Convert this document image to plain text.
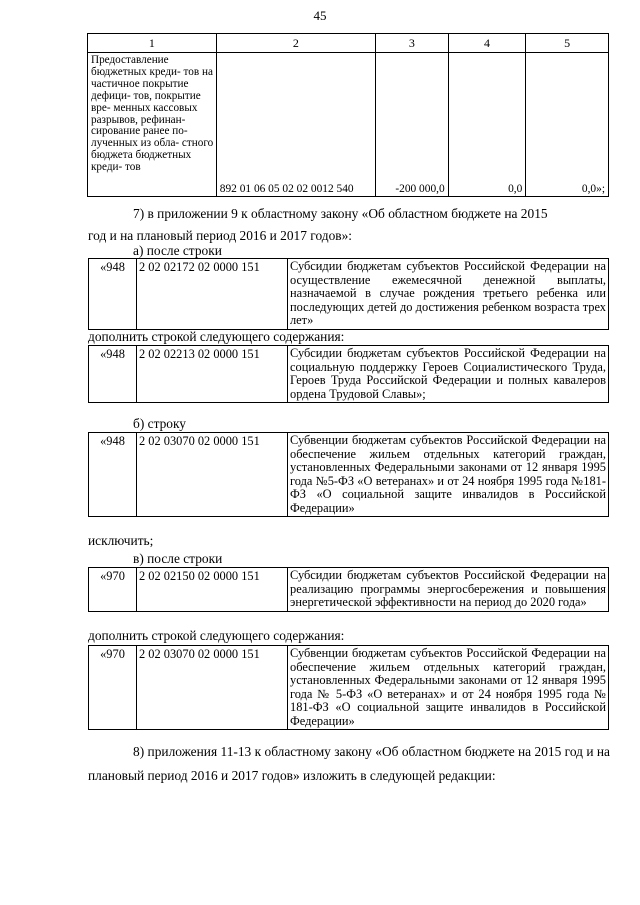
45
1	2	3	4	5

Предоставление бюджетных креди- тов на частичное покрытие дефици- тов, покрытие вре- менных кассовых разрывов, рефинан- сирование ранее по- лученных из обла- стного бюджета бюджетных креди- тов	892 01 06 05 02 02 0012 540	-200 000,0	0,0	0,0»;
7) в приложении 9 к областному закону «Об областном бюджете на 2015
год и на плановый период 2016 и 2017 годов»:
а) после строки
«948	2 02 02172 02 0000 151	Субсидии бюджетам субъектов Российской Федерации на осуществление ежемесячной денежной выплаты, назначаемой в случае рождения третьего ребенка или последующих детей до достижения ребенком возраста трех лет»
дополнить строкой следующего содержания:
«948	2 02 02213 02 0000 151	Субсидии бюджетам субъектов Российской Федерации на социальную поддержку Героев Социалистического Труда, Героев Труда Российской Федерации и полных кавалеров ордена Трудовой Славы»;
б) строку
«948	2 02 03070 02 0000 151	Субвенции бюджетам субъектов Российской Федерации на обеспечение жильем отдельных категорий граждан, установленных Федеральными законами от 12 января 1995 года №5-ФЗ «О ветеранах» и от 24 ноября 1995 года №181-ФЗ «О социальной защите инвалидов в Российской Федерации»
исключить;
в) после строки
«970	2 02 02150 02 0000 151	Субсидии бюджетам субъектов Российской Федерации на реализацию программы энергосбережения и повышения энергетической эффективности на период до 2020 года»
дополнить строкой следующего содержания:
«970	2 02 03070 02 0000 151	Субвенции бюджетам субъектов Российской Федерации на обеспечение жильем отдельных категорий граждан, установленных Федеральными законами от 12 января 1995 года № 5-ФЗ «О ветеранах» и от 24 ноября 1995 года № 181-ФЗ «О социальной защите инвалидов в Российской Федерации»
8) приложения 11-13 к областному закону «Об областном бюджете на 2015 год и на плановый период 2016 и 2017 годов» изложить в следующей редакции:
